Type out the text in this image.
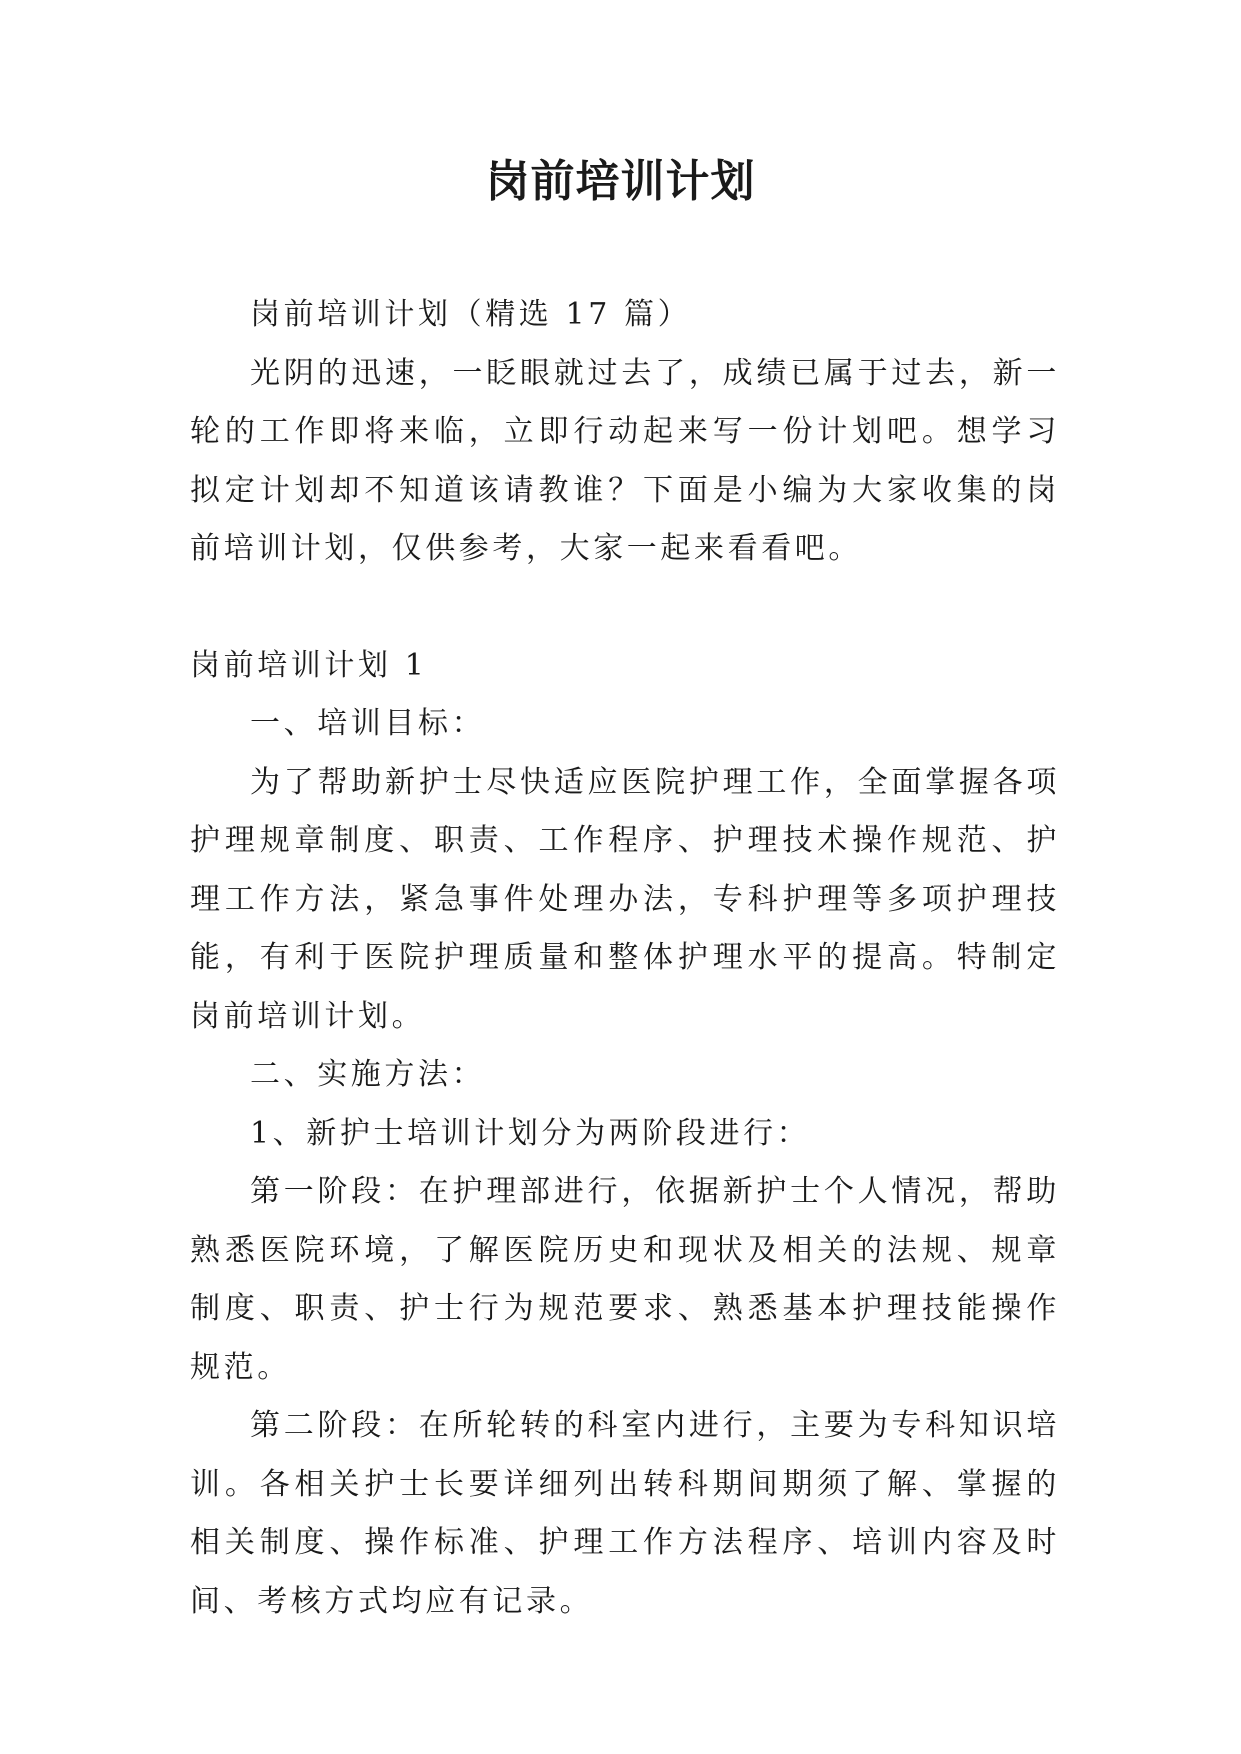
岗前培训计划

岗前培训计划（精选 17 篇）

光阴的迅速，一眨眼就过去了，成绩已属于过去，新一轮的工作即将来临，立即行动起来写一份计划吧。想学习拟定计划却不知道该请教谁？下面是小编为大家收集的岗前培训计划，仅供参考，大家一起来看看吧。

岗前培训计划 1

一、培训目标：

为了帮助新护士尽快适应医院护理工作，全面掌握各项护理规章制度、职责、工作程序、护理技术操作规范、护理工作方法，紧急事件处理办法，专科护理等多项护理技能，有利于医院护理质量和整体护理水平的提高。特制定岗前培训计划。

二、实施方法：

1、新护士培训计划分为两阶段进行：

第一阶段：在护理部进行，依据新护士个人情况，帮助熟悉医院环境，了解医院历史和现状及相关的法规、规章制度、职责、护士行为规范要求、熟悉基本护理技能操作规范。

第二阶段：在所轮转的科室内进行，主要为专科知识培训。各相关护士长要详细列出转科期间期须了解、掌握的相关制度、操作标准、护理工作方法程序、培训内容及时间、考核方式均应有记录。
